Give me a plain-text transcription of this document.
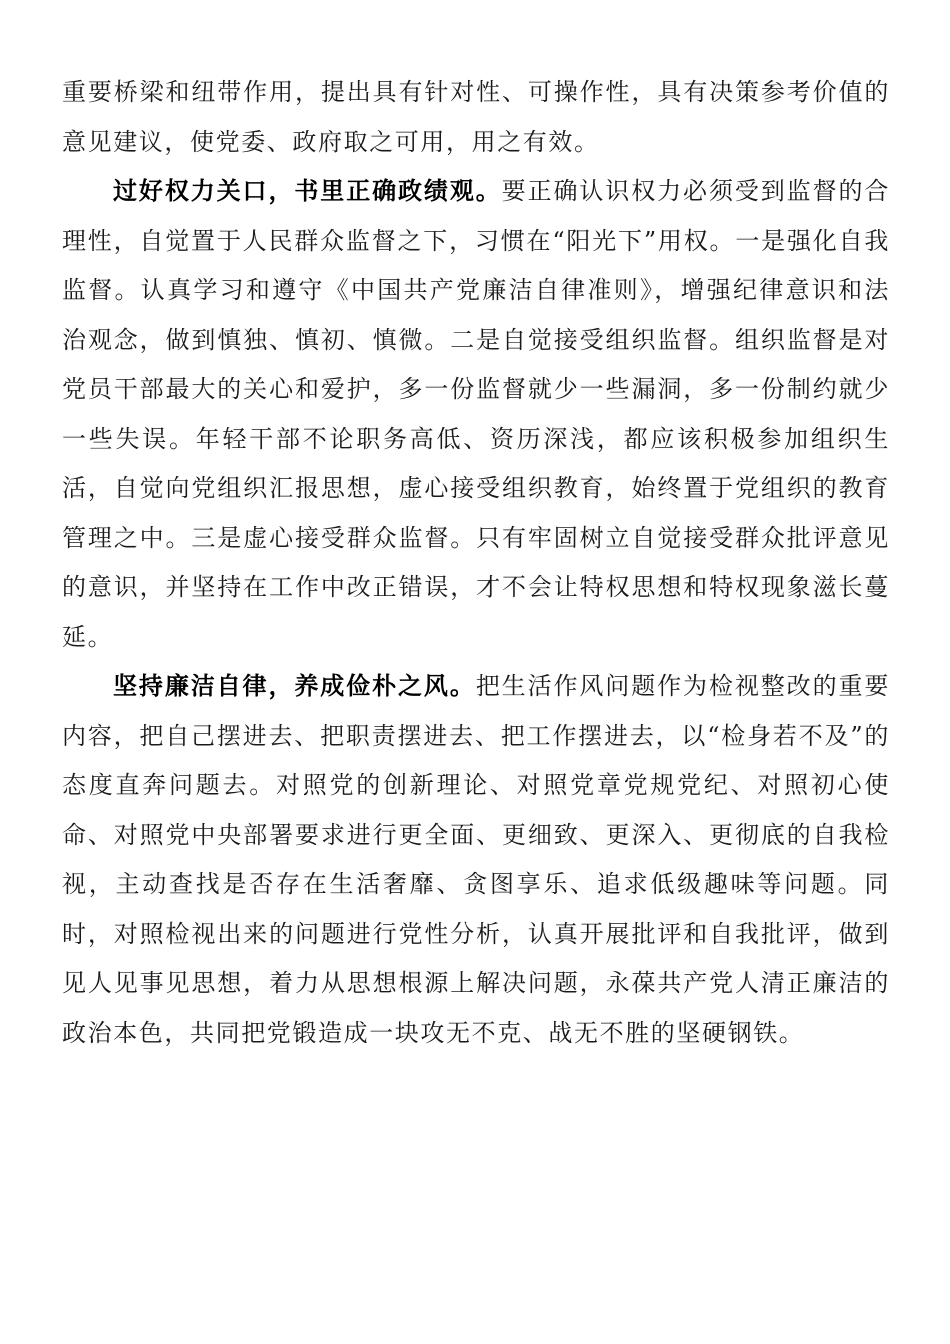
重要桥梁和纽带作用，提出具有针对性、可操作性，具有决策参考价值的意见建议，使党委、政府取之可用，用之有效。

过好权力关口，书里正确政绩观。要正确认识权力必须受到监督的合理性，自觉置于人民群众监督之下，习惯在“阳光下”用权。一是强化自我监督。认真学习和遵守《中国共产党廉洁自律准则》，增强纪律意识和法治观念，做到慎独、慎初、慎微。二是自觉接受组织监督。组织监督是对党员干部最大的关心和爱护，多一份监督就少一些漏洞，多一份制约就少一些失误。年轻干部不论职务高低、资历深浅，都应该积极参加组织生活，自觉向党组织汇报思想，虚心接受组织教育，始终置于党组织的教育管理之中。三是虚心接受群众监督。只有牢固树立自觉接受群众批评意见的意识，并坚持在工作中改正错误，才不会让特权思想和特权现象滋长蔓延。

坚持廉洁自律，养成俭朴之风。把生活作风问题作为检视整改的重要内容，把自己摆进去、把职责摆进去、把工作摆进去，以“检身若不及”的态度直奔问题去。对照党的创新理论、对照党章党规党纪、对照初心使命、对照党中央部署要求进行更全面、更细致、更深入、更彻底的自我检视，主动查找是否存在生活奢靡、贪图享乐、追求低级趣味等问题。同时，对照检视出来的问题进行党性分析，认真开展批评和自我批评，做到见人见事见思想，着力从思想根源上解决问题，永葆共产党人清正廉洁的政治本色，共同把党锻造成一块攻无不克、战无不胜的坚硬钢铁。
